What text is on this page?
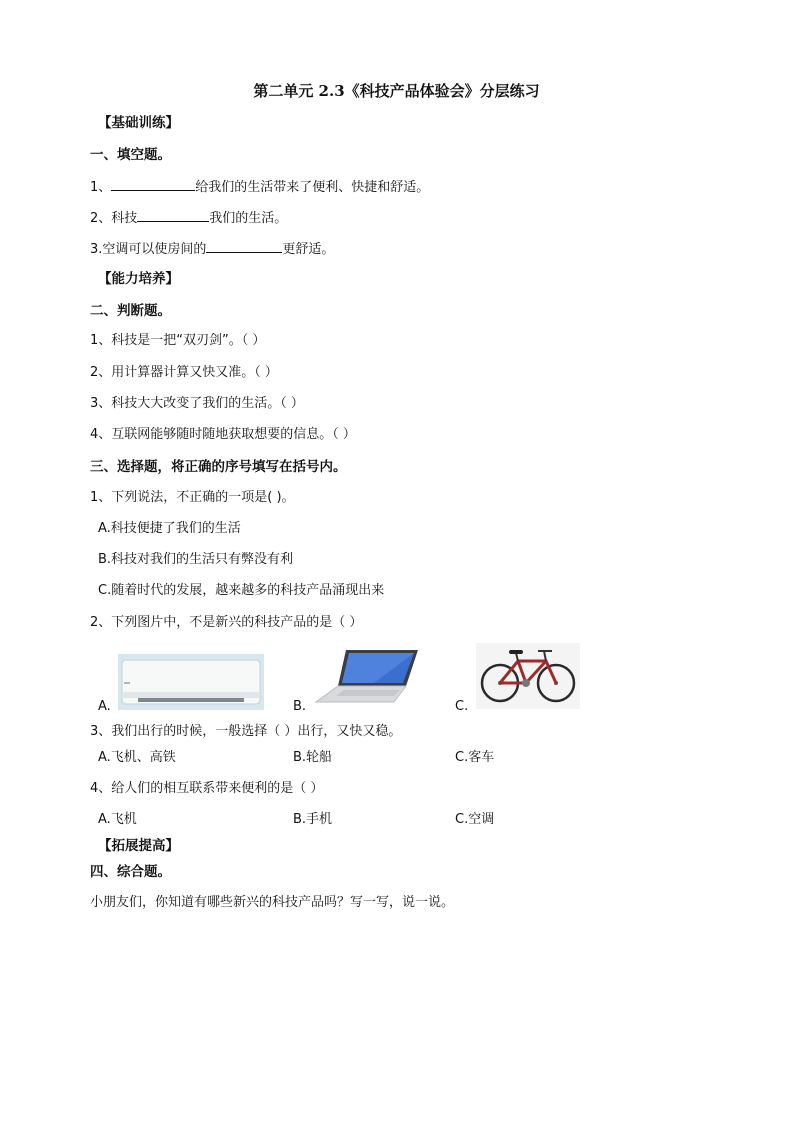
第二单元 2.3《科技产品体验会》分层练习
【基础训练】
一、填空题。
1、	给我们的生活带来了便利、快捷和舒适。
2、科技	我们的生活。
3.空调可以使房间的	更舒适。
【能力培养】
二、判断题。
1、科技是一把“双刃剑”。（ ）
2、用计算器计算又快又准。（ ）
3、科技大大改变了我们的生活。（ ）
4、互联网能够随时随地获取想要的信息。（ ）
三、选择题，将正确的序号填写在括号内。
1、下列说法，不正确的一项是( )。
A.科技便捷了我们的生活
B.科技对我们的生活只有弊没有利
C.随着时代的发展，越来越多的科技产品涌现出来
2、下列图片中，不是新兴的科技产品的是（ ）
A.	B.	C.
3、我们出行的时候，一般选择（ ）出行，又快又稳。
A.飞机、高铁	B.轮船	C.客车
4、给人们的相互联系带来便利的是（ ）
A.飞机	B.手机	C.空调
【拓展提高】
四、综合题。
小朋友们，你知道有哪些新兴的科技产品吗？写一写，说一说。
